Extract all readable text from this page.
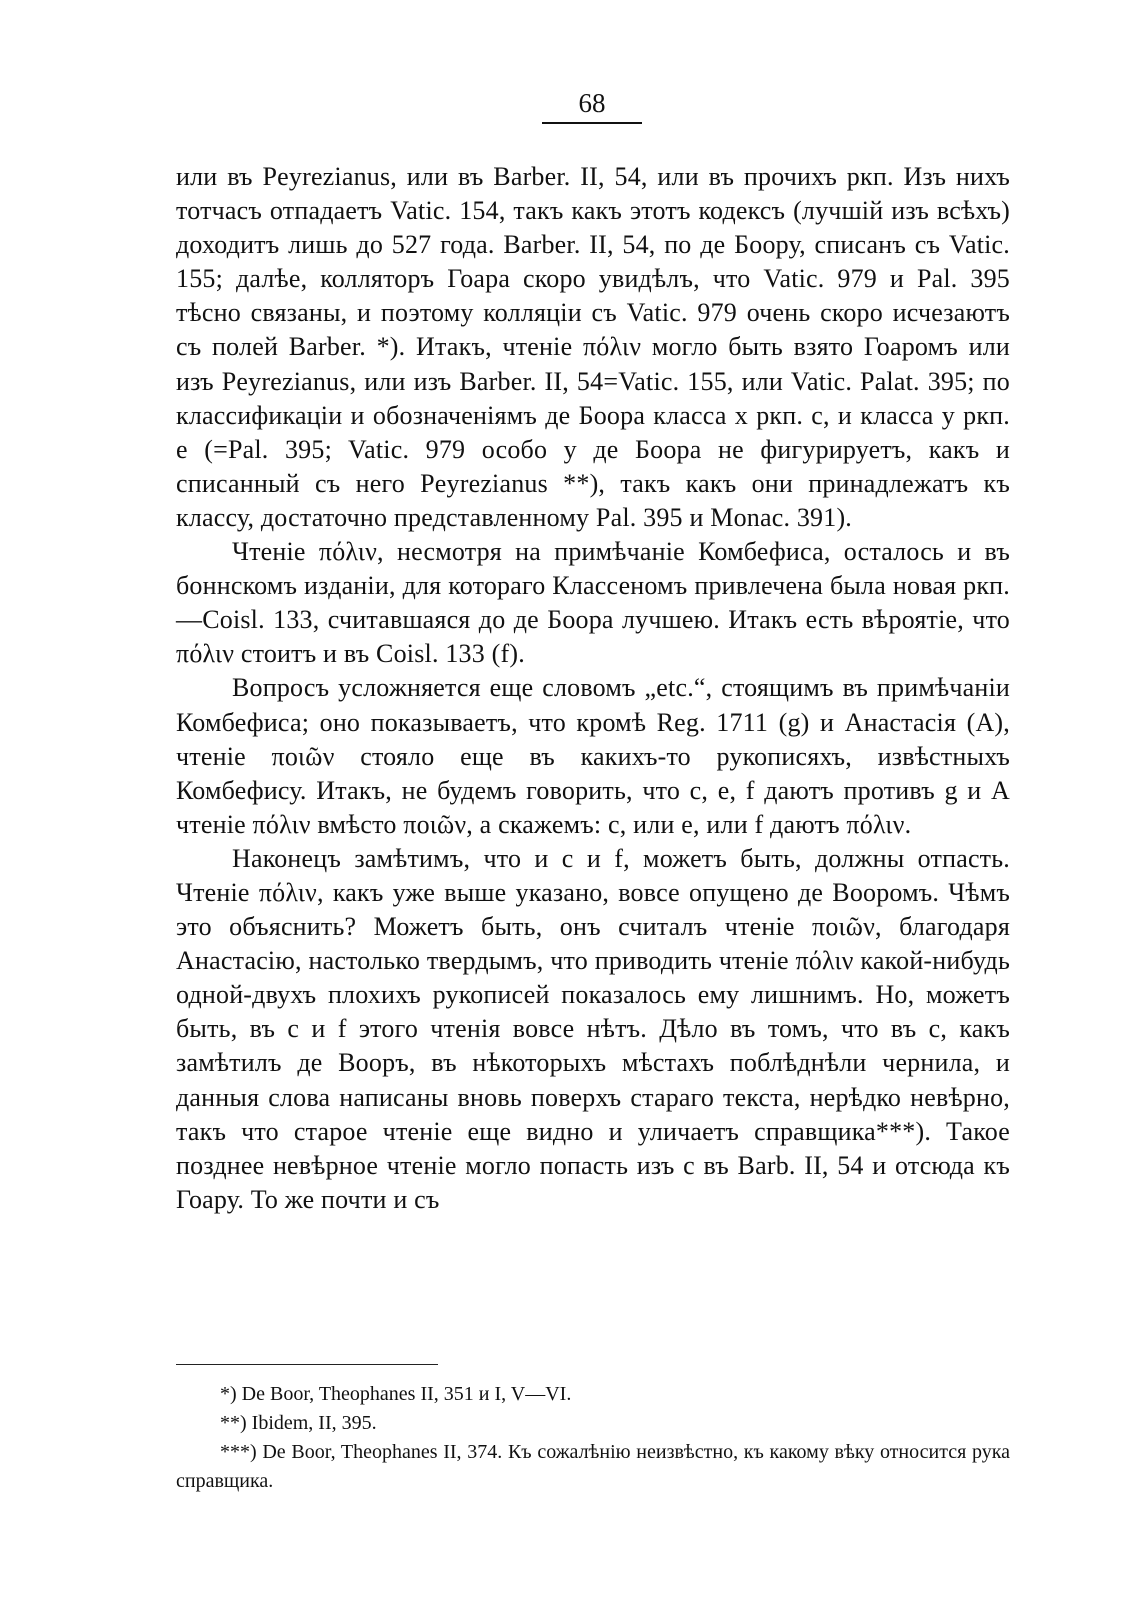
68

или въ Peyrezianus, или въ Barber. II, 54, или въ прочихъ ркп. Изъ нихъ тотчасъ отпадаетъ Vatic. 154, такъ какъ этотъ кодексъ (лучшій изъ всѣхъ) доходитъ лишь до 527 года. Barber. II, 54, по де Боору, списанъ съ Vatic. 155; далѣе, колляторъ Гоара скоро увидѣлъ, что Vatic. 979 и Pal. 395 тѣсно связаны, и поэтому колляціи съ Vatic. 979 очень скоро исчезаютъ съ полей Barber. *). Итакъ, чтеніе πόλιν могло быть взято Гоаромъ или изъ Peyrezianus, или изъ Barber. II, 54=Vatic. 155, или Vatic. Palat. 395; по классификаціи и обозначеніямъ де Боора класса x ркп. c, и класса y ркп. e (=Pal. 395; Vatic. 979 особо у де Боора не фигурируетъ, какъ и списанный съ него Peyrezianus **), такъ какъ они принадлежатъ къ классу, достаточно представленному Pal. 395 и Monac. 391).

Чтеніе πόλιν, несмотря на примѣчаніе Комбефиса, осталось и въ боннскомъ изданіи, для котораго Классеномъ привлечена была новая ркп.—Coisl. 133, считавшаяся до де Боора лучшею. Итакъ есть вѣроятіе, что πόλιν стоитъ и въ Coisl. 133 (f).

Вопросъ усложняется еще словомъ „etc.“, стоящимъ въ примѣчаніи Комбефиса; оно показываетъ, что кромѣ Reg. 1711 (g) и Анастасія (A), чтеніе ποιῶν стояло еще въ какихъ-то рукописяхъ, извѣстныхъ Комбефису. Итакъ, не будемъ говорить, что c, e, f даютъ противъ g и A чтеніе πόλιν вмѣсто ποιῶν, а скажемъ: c, или e, или f даютъ πόλιν.

Наконецъ замѣтимъ, что и c и f, можетъ быть, должны отпасть. Чтеніе πόλιν, какъ уже выше указано, вовсе опущено де Booромъ. Чѣмъ это объяснить? Можетъ быть, онъ считалъ чтеніе ποιῶν, благодаря Анастасію, настолько твердымъ, что приводить чтеніе πόλιν какой-нибудь одной-двухъ плохихъ рукописей показалось ему лишнимъ. Но, можетъ быть, въ c и f этого чтенія вовсе нѣтъ. Дѣло въ томъ, что въ c, какъ замѣтилъ де Booръ, въ нѣкоторыхъ мѣстахъ поблѣднѣли чернила, и данныя слова написаны вновь поверхъ стараго текста, нерѣдко невѣрно, такъ что старое чтеніе еще видно и уличаетъ справщика***). Такое позднее невѣрное чтеніе могло попасть изъ c въ Barb. II, 54 и отсюда къ Гоару. То же почти и съ

*) De Boor, Theophanes II, 351 и I, V—VI.

**) Ibidem, II, 395.

***) De Boor, Theophanes II, 374. Къ сожалѣнію неизвѣстно, къ какому вѣку относится рука справщика.
